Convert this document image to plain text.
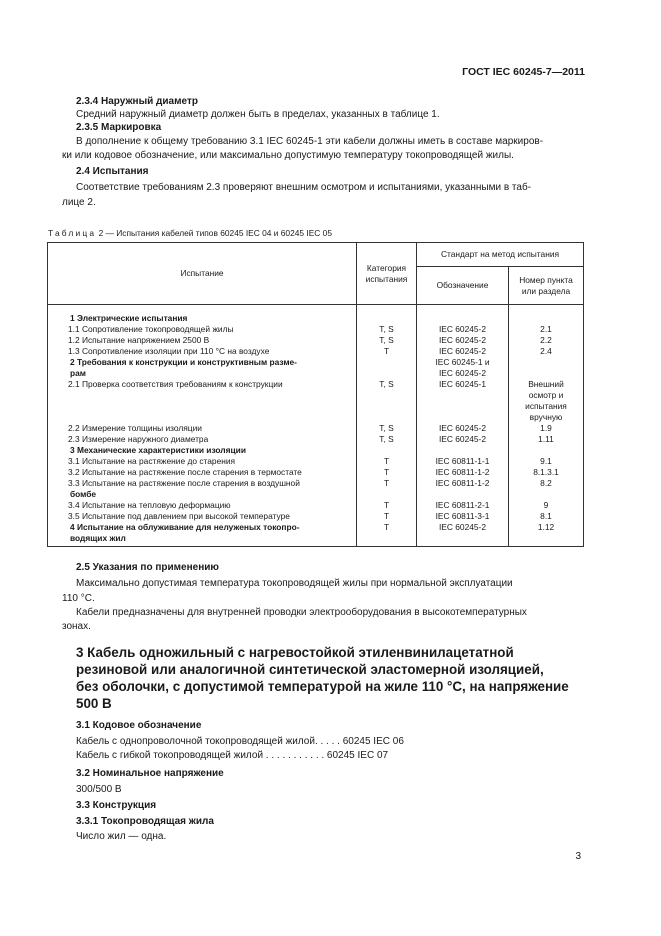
ГОСТ IEC 60245-7—2011
2.3.4 Наружный диаметр
Средний наружный диаметр должен быть в пределах, указанных в таблице 1.
2.3.5 Маркировка
В дополнение к общему требованию 3.1 IEC 60245-1 эти кабели должны иметь в составе маркиров-
ки или кодовое обозначение, или максимально допустимую температуру токопроводящей жилы.
2.4 Испытания
Соответствие требованиям 2.3 проверяют внешним осмотром и испытаниями, указанными в таб-
лице 2.
Таблица 2 — Испытания кабелей типов 60245 IEC 04 и 60245 IEC 05
Испытание	Категория испытания	Стандарт на метод испытания	
		Обозначение	Номер пункта или раздела
1 Электрические испытания			
1.1 Сопротивление токопроводящей жилы	T, S	IEC 60245-2	2.1
1.2 Испытание напряжением 2500 В	T, S	IEC 60245-2	2.2
1.3 Сопротивление изоляции при 110 °С на воздухе	T	IEC 60245-2	2.4
2 Требования к конструкции и конструктивным разме-		IEC 60245-1 и	
рам		IEC 60245-2	
2.1 Проверка соответствия требованиям к конструкции	T, S	IEC 60245-1	Внешний
			осмотр и
			испытания
			вручную
2.2 Измерение толщины изоляции	T, S	IEC 60245-2	1.9
2.3 Измерение наружного диаметра	T, S	IEC 60245-2	1.11
3 Механические характеристики изоляции			
3.1 Испытание на растяжение до старения	T	IEC 60811-1-1	9.1
3.2 Испытание на растяжение после старения в термостате	T	IEC 60811-1-2	8.1.3.1
3.3 Испытание на растяжение после старения в воздушной	T	IEC 60811-1-2	8.2
бомбе			
3.4 Испытание на тепловую деформацию	T	IEC 60811-2-1	9
3.5 Испытание под давлением при высокой температуре	T	IEC 60811-3-1	8.1
4 Испытание на облуживание для нелуженых токопро-	T	IEC 60245-2	1.12
водящих жил			
2.5 Указания по применению
Максимально допустимая температура токопроводящей жилы при нормальной эксплуатации
110 °С.
Кабели предназначены для внутренней проводки электрооборудования в высокотемпературных
зонах.
3 Кабель одножильный с нагревостойкой этиленвинилацетатной
резиновой или аналогичной синтетической эластомерной изоляцией,
без оболочки, с допустимой температурой на жиле 110 °С, на напряжение
500 В
3.1 Кодовое обозначение
Кабель с однопроволочной токопроводящей жилой. . . . . 60245 IEC 06
Кабель с гибкой токопроводящей жилой . . . . . . . . . . . 60245 IEC 07
3.2 Номинальное напряжение
300/500 В
3.3 Конструкция
3.3.1 Токопроводящая жила
Число жил — одна.
3
